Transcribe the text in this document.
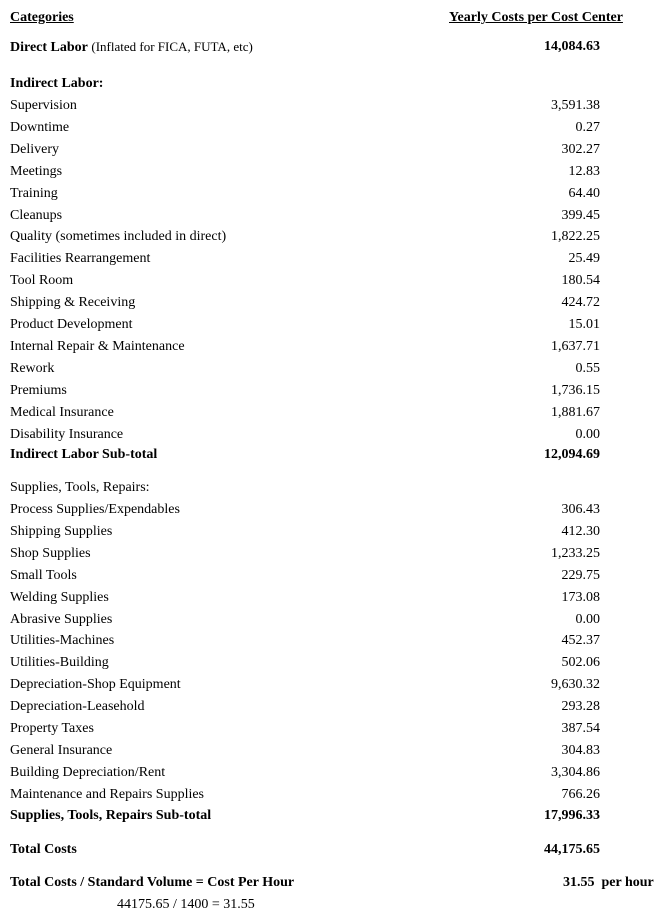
Categories	Yearly Costs per Cost Center
Direct Labor (Inflated for FICA, FUTA, etc)	14,084.63
Indirect Labor:
Supervision	3,591.38
Downtime	0.27
Delivery	302.27
Meetings	12.83
Training	64.40
Cleanups	399.45
Quality (sometimes included in direct)	1,822.25
Facilities Rearrangement	25.49
Tool Room	180.54
Shipping & Receiving	424.72
Product Development	15.01
Internal Repair & Maintenance	1,637.71
Rework	0.55
Premiums	1,736.15
Medical Insurance	1,881.67
Disability Insurance	0.00
Indirect Labor Sub-total	12,094.69
Supplies, Tools, Repairs:
Process Supplies/Expendables	306.43
Shipping Supplies	412.30
Shop Supplies	1,233.25
Small Tools	229.75
Welding Supplies	173.08
Abrasive Supplies	0.00
Utilities-Machines	452.37
Utilities-Building	502.06
Depreciation-Shop Equipment	9,630.32
Depreciation-Leasehold	293.28
Property Taxes	387.54
General Insurance	304.83
Building Depreciation/Rent	3,304.86
Maintenance and Repairs Supplies	766.26
Supplies, Tools, Repairs Sub-total	17,996.33
Total Costs	44,175.65
Total Costs / Standard Volume = Cost Per Hour	31.55 per hour
44175.65 / 1400 = 31.55
